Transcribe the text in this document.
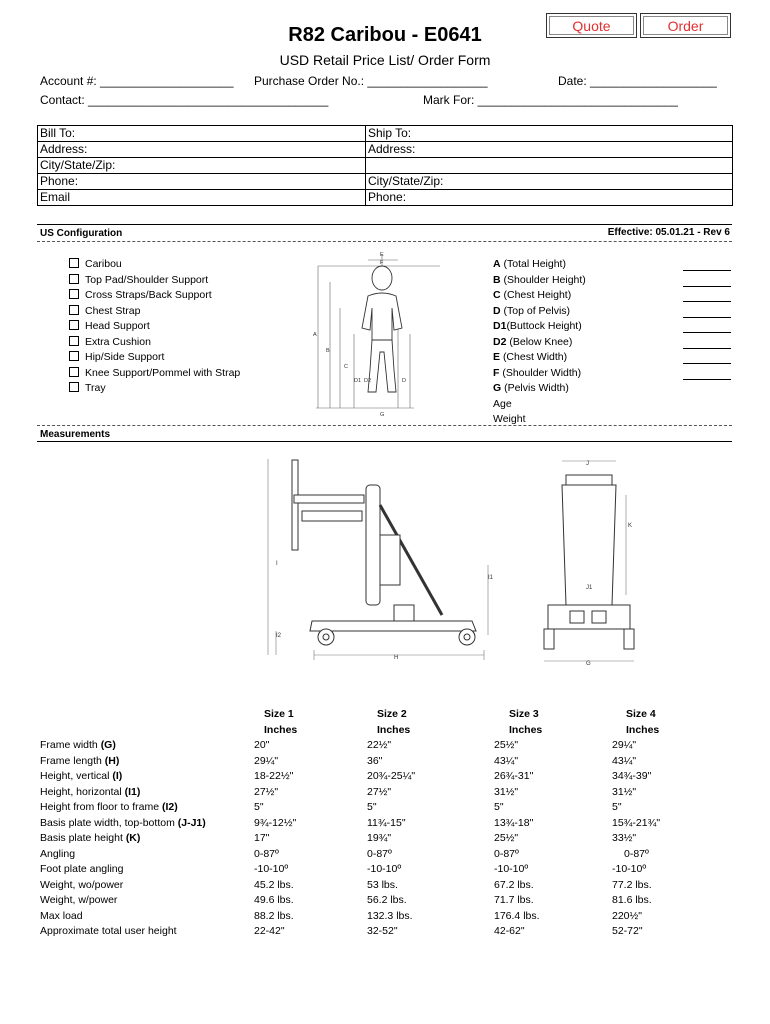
R82 Caribou - E0641
USD Retail Price List/ Order Form
Quote	Order
Account #: ____________________ Purchase Order No.: __________________	Date: ___________________
Contact: ____________________________________	Mark For: ______________________________
Bill To:	Ship To:
Address:	Address:
City/State/Zip:	
Phone:	City/State/Zip:
Email	Phone:
US Configuration	Effective: 05.01.21 - Rev 6
Caribou
Top Pad/Shoulder Support
Cross Straps/Back Support
Chest Strap
Head Support
Extra Cushion
Hip/Side Support
Knee Support/Pommel with Strap
Tray
E
F
A
B
C
D
D1 D2
G
A (Total Height)
B (Shoulder Height)
C (Chest Height)
D (Top of Pelvis)
D1(Buttock Height)
D2 (Below Knee)
E (Chest Width)
F (Shoulder Width)
G (Pelvis Width)
Age
Weight
Measurements
I
I1
I2
H
J
K
J1
G
	Size 1	Size 2	Size 3	Size 4
	Inches	Inches	Inches	Inches
Frame width (G)	20"	22½"	25½"	29¼"
Frame length (H)	29¼"	36"	43¼"	43¼"
Height, vertical (I)	18-22½"	20¾-25¼"	26¾-31"	34¾-39"
Height, horizontal (I1)	27½"	27½"	31½"	31½"
Height from floor to frame (I2)	5"	5"	5"	5"
Basis plate width, top-bottom (J-J1)	9¾-12½"	11¾-15"	13¾-18"	15¾-21¾"
Basis plate height (K)	17"	19¾"	25½"	33½"
Angling	0-87º	0-87º	0-87º	0-87º
Foot plate angling	-10-10º	-10-10º	-10-10º	-10-10º
Weight, wo/power	45.2 lbs.	53 lbs.	67.2 lbs.	77.2 lbs.
Weight, w/power	49.6 lbs.	56.2 lbs.	71.7 lbs.	81.6 lbs.
Max load	88.2 lbs.	132.3 lbs.	176.4 lbs.	220½"
Approximate total user height	22-42"	32-52"	42-62"	52-72"
